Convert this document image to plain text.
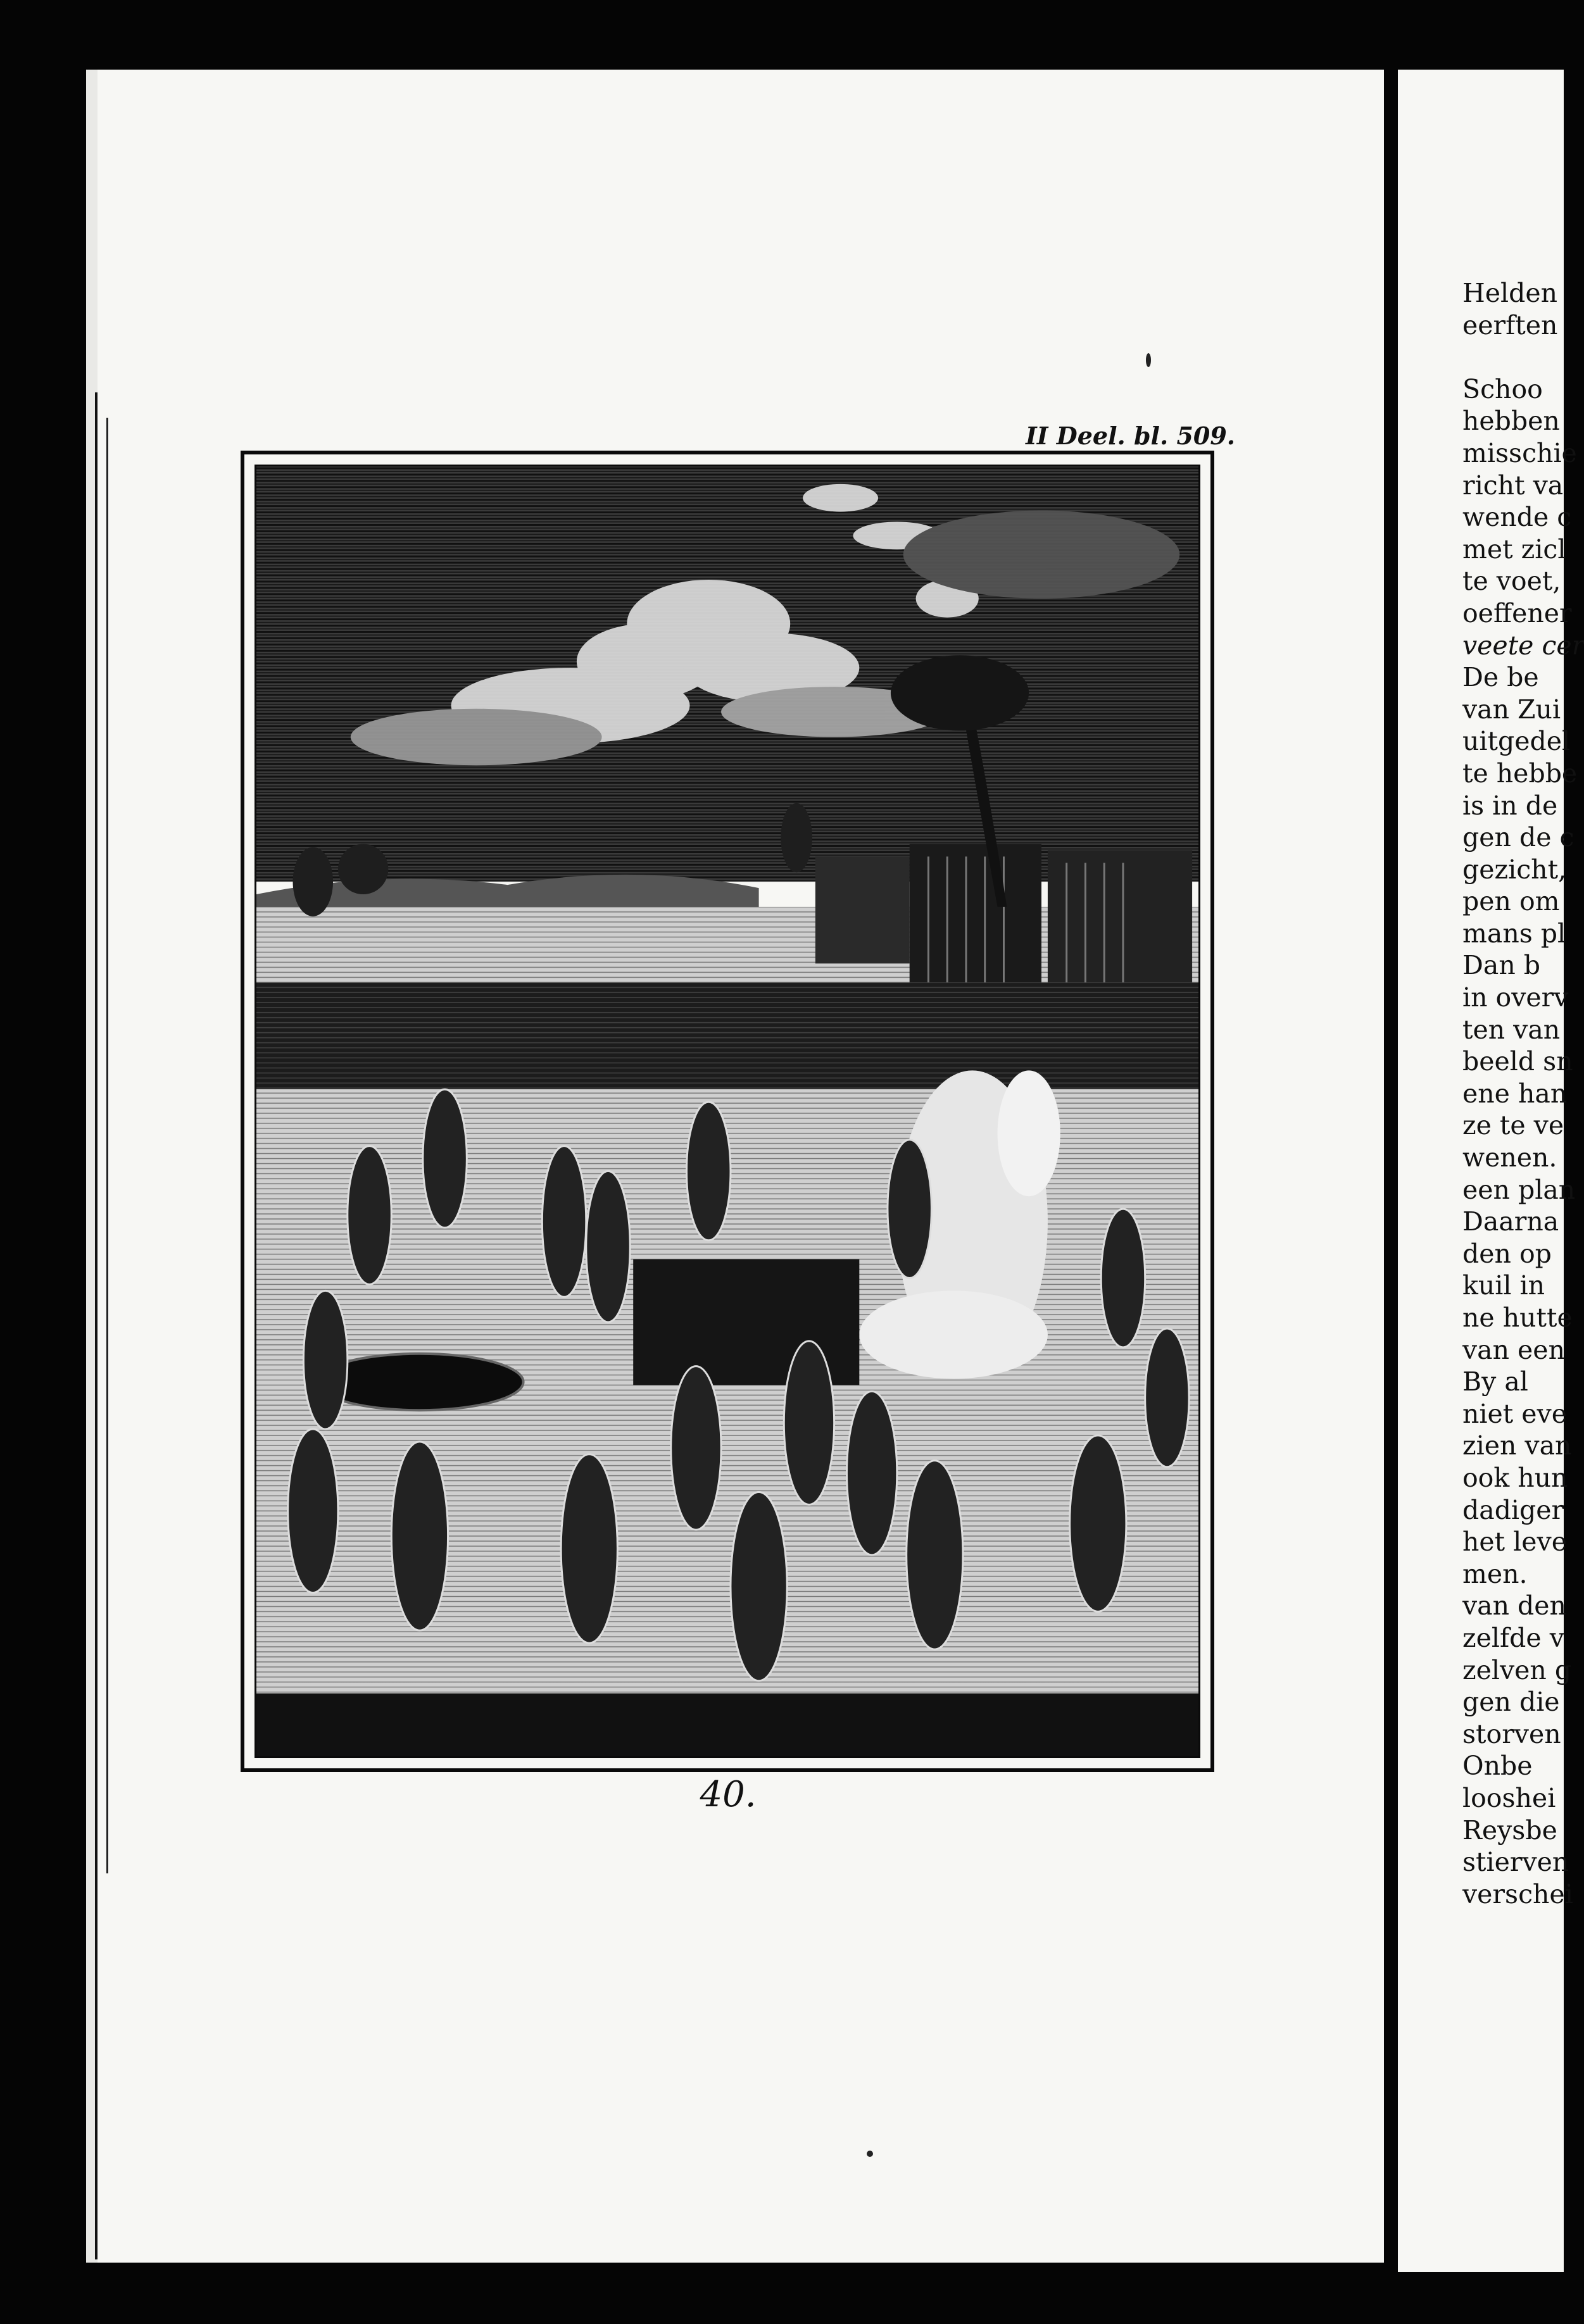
II Deel. bl. 509.
40.
Helden
eerften
Schoo
hebben
misschie
richt va
wende c
met zicl
te voet,
oeffener
veete cer
De be
van Zui
uitgedel
te hebbe
is in de
gen de c
gezicht,
pen om
mans pl
Dan b
in overv
ten van
beeld sn
ene han
ze te ve
wenen.
een plan
Daarna
den op
kuil in
ne hutte
van een
By al
niet eve
zien van
ook hun
dadiger
het leve
men.
van den
zelfde v
zelven g
gen die
storven
Onbe
looshei
Reysbe
stierven
verschei
